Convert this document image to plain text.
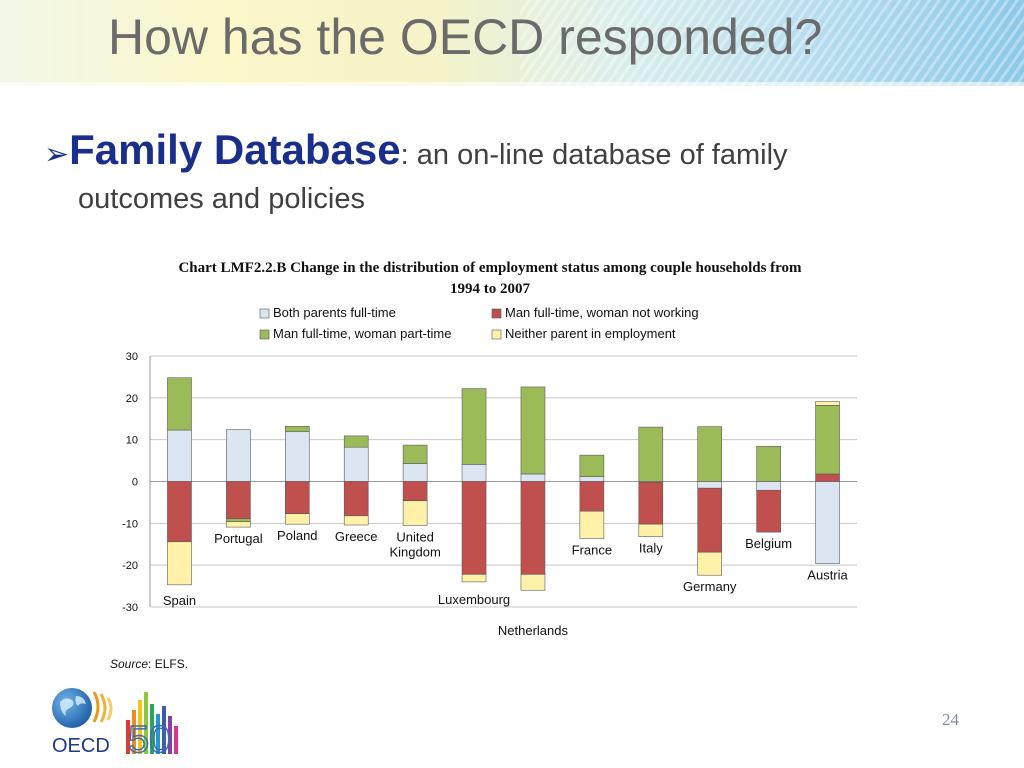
How has the OECD responded?
➢Family Database: an on-line database of family
outcomes and policies
Chart LMF2.2.B Change in the distribution of employment status among couple households from
1994 to 2007
Both parents full-time	Man full-time, woman not working
Man full-time, woman part-time	Neither parent in employment
30
20
10
0
-10
-20
-30
Spain
Portugal Poland Greece United
Kingdom
Luxembourg
Netherlands
France Italy
Germany
Belgium
Austria
Source: ELFS.
24
OECD 50
